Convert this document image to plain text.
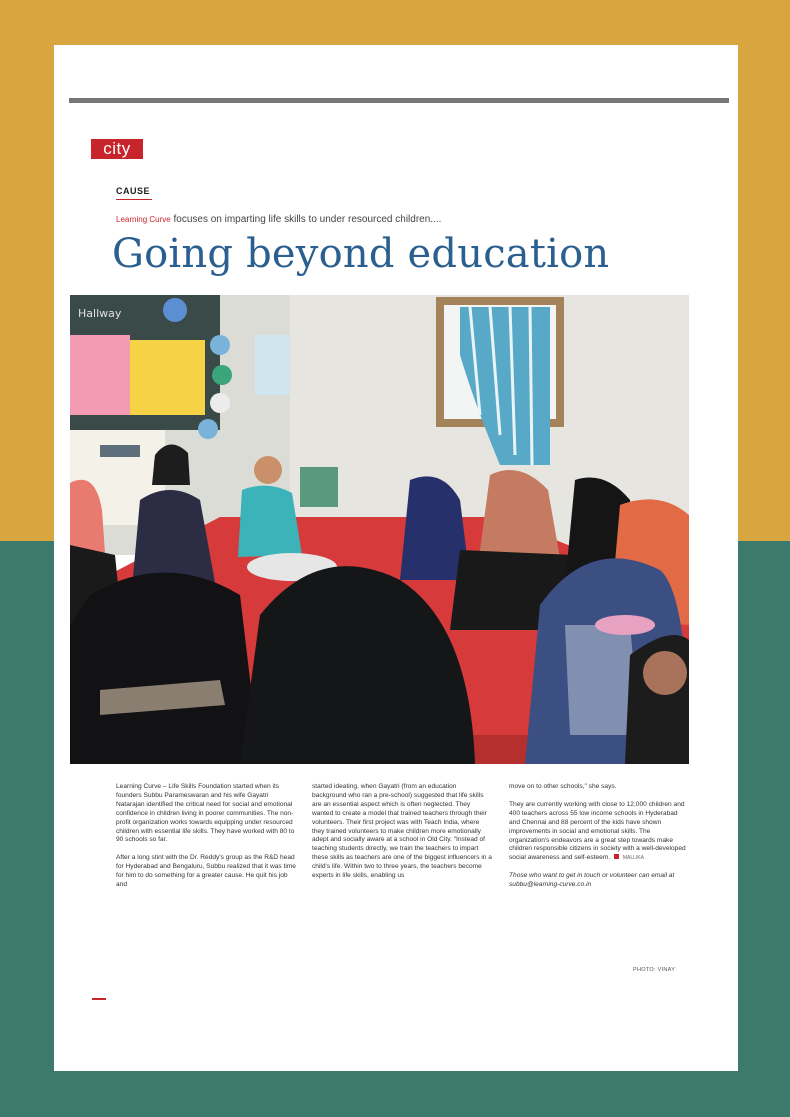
city
CAUSE
Learning Curve focuses on imparting life skills to under resourced children....
Going beyond education
Hallway

Learning Curve – Life Skills Foundation started when its founders Subbu Parameswaran and his wife Gayatri Natarajan identified the critical need for social and emotional confidence in children living in poorer communities. The non-profit organization works towards equipping under resourced children with essential life skills. They have worked with 80 to 90 schools so far.

After a long stint with the Dr. Reddy's group as the R&D head for Hyderabad and Bengaluru, Subbu realized that it was time for him to do something for a greater cause. He quit his job and

started ideating, when Gayatri (from an education background who ran a pre-school) suggested that life skills are an essential aspect which is often neglected. They wanted to create a model that trained teachers through their volunteers. Their first project was with Teach India, where they trained volunteers to make children more emotionally adept and socially aware at a school in Old City. "Instead of teaching students directly, we train the teachers to impart these skills as teachers are one of the biggest influencers in a child's life. Within two to three years, the teachers become experts in life skills, enabling us

move on to other schools," she says.

They are currently working with close to 12,000 children and 400 teachers across 55 low income schools in Hyderabad and Chennai and 88 percent of the kids have shown improvements in social and emotional skills. The organization's endeavors are a great step towards make children responsible citizens in society with a well-developed social awareness and self-esteem.	MALLIKA

Those who want to get in touch or volunteer can email at subbu@learning-curve.co.in

PHOTO: VINAY
